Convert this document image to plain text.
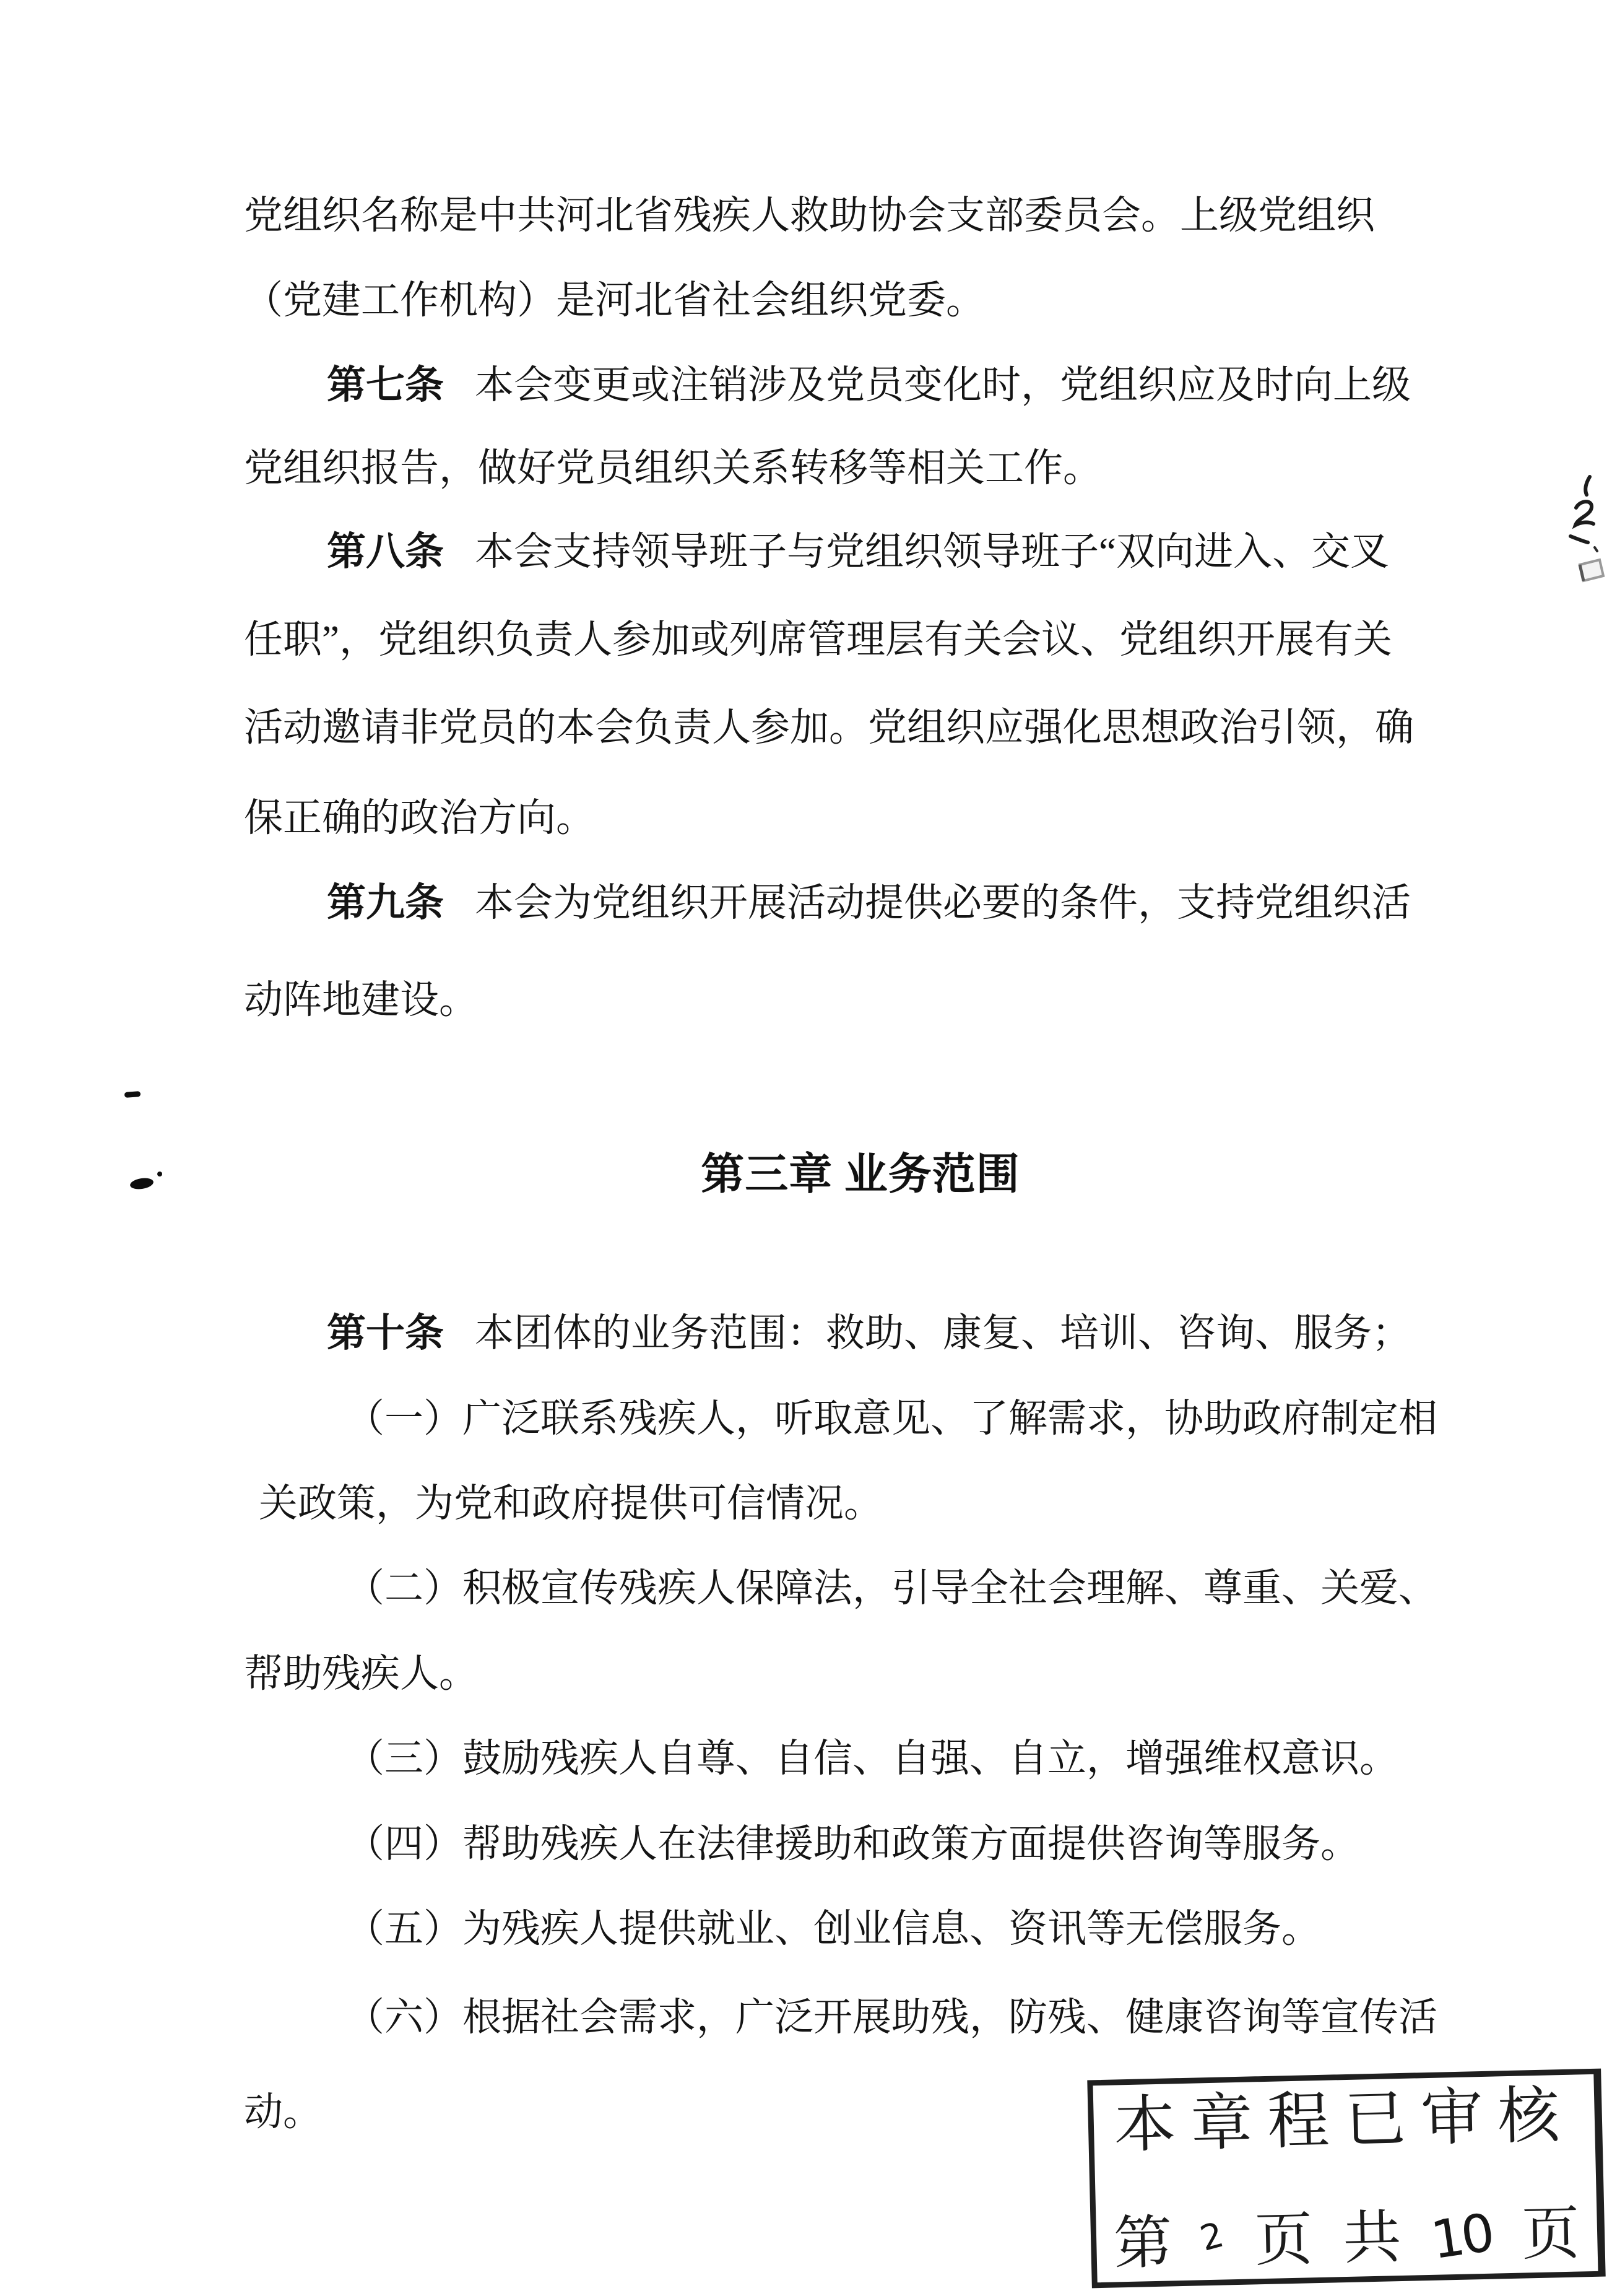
党组织名称是中共河北省残疾人救助协会支部委员会。上级党组织
（党建工作机构）是河北省社会组织党委。
第七条 本会变更或注销涉及党员变化时，党组织应及时向上级
党组织报告，做好党员组织关系转移等相关工作。
第八条 本会支持领导班子与党组织领导班子“双向进入、交叉
任职”，党组织负责人参加或列席管理层有关会议、党组织开展有关
活动邀请非党员的本会负责人参加。党组织应强化思想政治引领，确
保正确的政治方向。
第九条 本会为党组织开展活动提供必要的条件，支持党组织活
动阵地建设。
第三章 业务范围
第十条 本团体的业务范围：救助、康复、培训、咨询、服务；
（一）广泛联系残疾人，听取意见、了解需求，协助政府制定相
关政策，为党和政府提供可信情况。
（二）积极宣传残疾人保障法，引导全社会理解、尊重、关爱、
帮助残疾人。
（三）鼓励残疾人自尊、自信、自强、自立，增强维权意识。
（四）帮助残疾人在法律援助和政策方面提供咨询等服务。
（五）为残疾人提供就业、创业信息、资讯等无偿服务。
（六）根据社会需求，广泛开展助残，防残、健康咨询等宣传活
动。	本章程已审核
第 2 页 共 10 页
